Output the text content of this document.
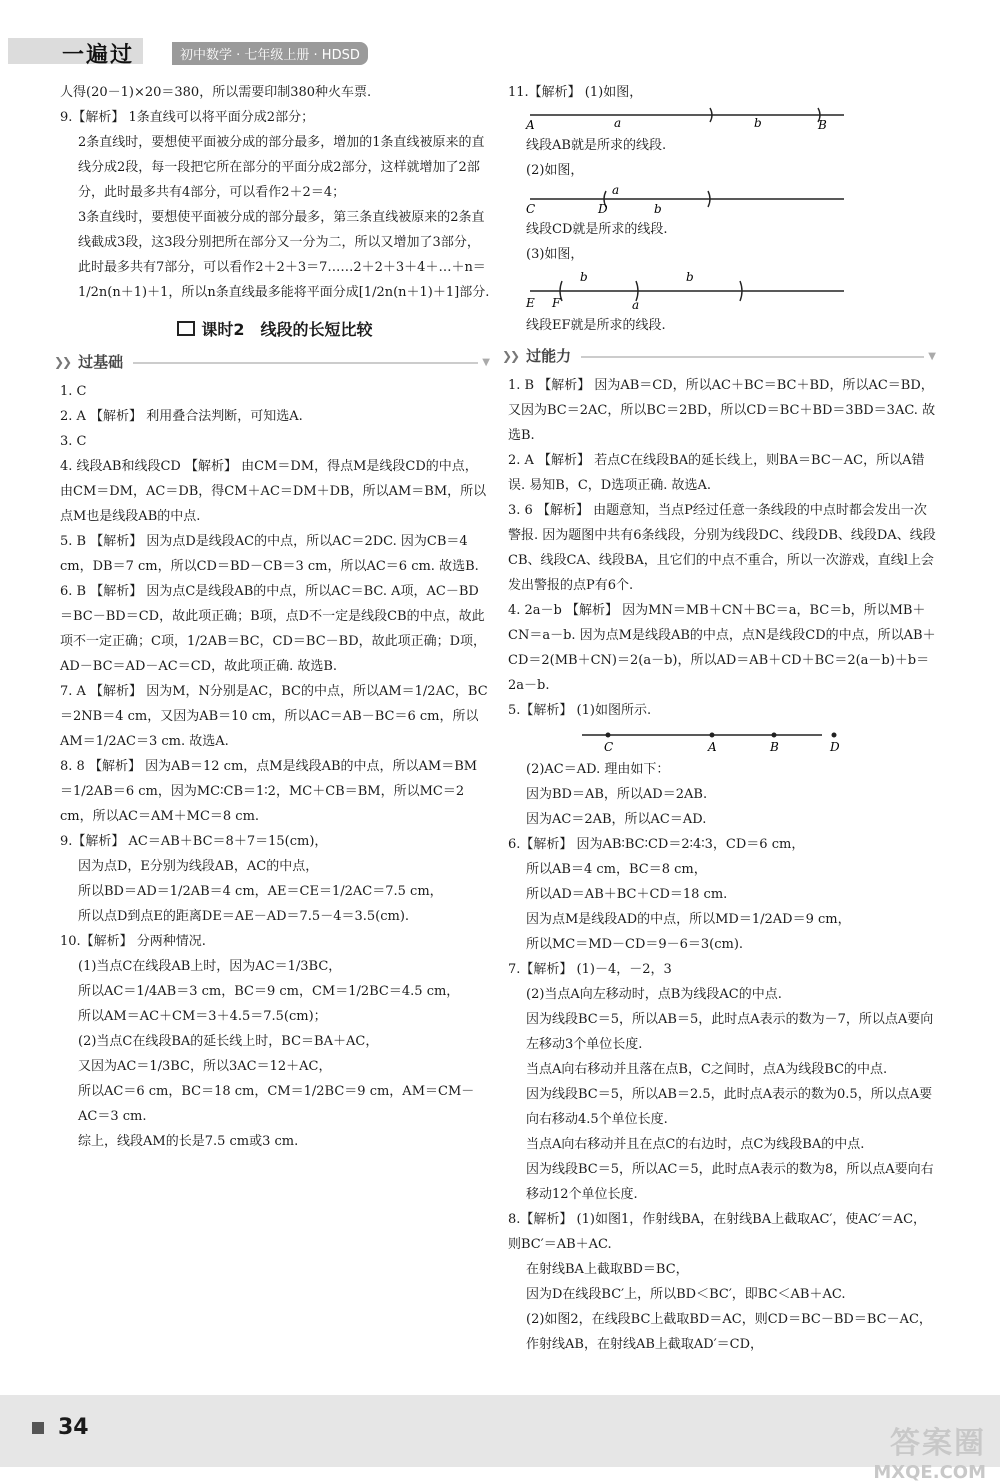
一遍过	初中数学 · 七年级上册 · HDSD

人得(20－1)×20＝380，所以需要印制380种火车票.

9.【解析】 1条直线可以将平面分成2部分；

2条直线时，要想使平面被分成的部分最多，增加的1条直线被原来的直线分成2段，每一段把它所在部分的平面分成2部分，这样就增加了2部分，此时最多共有4部分，可以看作2＋2＝4；

3条直线时，要想使平面被分成的部分最多，第三条直线被原来的2条直线截成3段，这3段分别把所在部分又一分为二，所以又增加了3部分，此时最多共有7部分，可以看作2＋2＋3＝7……2＋2＋3＋4＋…＋n＝1/2n(n＋1)＋1，所以n条直线最多能将平面分成[1/2n(n＋1)＋1]部分.

课时2　线段的长短比较
❯❯ 过基础	▼

1. C

2. A 【解析】 利用叠合法判断，可知选A.

3. C

4. 线段AB和线段CD 【解析】 由CM＝DM，得点M是线段CD的中点，由CM＝DM，AC＝DB，得CM＋AC＝DM＋DB，所以AM＝BM，所以点M也是线段AB的中点.

5. B 【解析】 因为点D是线段AC的中点，所以AC＝2DC. 因为CB＝4 cm，DB＝7 cm，所以CD＝BD－CB＝3 cm，所以AC＝6 cm. 故选B.

6. B 【解析】 因为点C是线段AB的中点，所以AC＝BC. A项，AC－BD＝BC－BD＝CD，故此项正确；B项，点D不一定是线段CB的中点，故此项不一定正确；C项，1/2AB＝BC，CD＝BC－BD，故此项正确；D项，AD－BC＝AD－AC＝CD，故此项正确. 故选B.

7. A 【解析】 因为M，N分别是AC，BC的中点，所以AM＝1/2AC，BC＝2NB＝4 cm，又因为AB＝10 cm，所以AC＝AB－BC＝6 cm，所以AM＝1/2AC＝3 cm. 故选A.

8. 8 【解析】 因为AB＝12 cm，点M是线段AB的中点，所以AM＝BM＝1/2AB＝6 cm，因为MC∶CB＝1∶2，MC＋CB＝BM，所以MC＝2 cm，所以AC＝AM＋MC＝8 cm.

9.【解析】 AC＝AB＋BC＝8＋7＝15(cm)，

因为点D，E分别为线段AB，AC的中点，

所以BD＝AD＝1/2AB＝4 cm，AE＝CE＝1/2AC＝7.5 cm，

所以点D到点E的距离DE＝AE－AD＝7.5－4＝3.5(cm).

10.【解析】 分两种情况.

(1)当点C在线段AB上时，因为AC＝1/3BC，

所以AC＝1/4AB＝3 cm，BC＝9 cm，CM＝1/2BC＝4.5 cm，

所以AM＝AC＋CM＝3＋4.5＝7.5(cm)；

(2)当点C在线段BA的延长线上时，BC＝BA＋AC，

又因为AC＝1/3BC，所以3AC＝12＋AC，

所以AC＝6 cm，BC＝18 cm，CM＝1/2BC＝9 cm，AM＝CM－AC＝3 cm.

综上，线段AM的长是7.5 cm或3 cm.

11.【解析】 (1)如图，

A	a	b	B

线段AB就是所求的线段.

(2)如图，

C	D
a
b

线段CD就是所求的线段.

(3)如图，

E F
b	b
a

线段EF就是所求的线段.

❯❯ 过能力	▼

1. B 【解析】 因为AB＝CD，所以AC＋BC＝BC＋BD，所以AC＝BD，又因为BC＝2AC，所以BC＝2BD，所以CD＝BC＋BD＝3BD＝3AC. 故选B.

2. A 【解析】 若点C在线段BA的延长线上，则BA＝BC－AC，所以A错误. 易知B，C，D选项正确. 故选A.

3. 6 【解析】 由题意知，当点P经过任意一条线段的中点时都会发出一次警报. 因为题图中共有6条线段，分别为线段DC、线段DB、线段DA、线段CB、线段CA、线段BA，且它们的中点不重合，所以一次游戏，直线l上会发出警报的点P有6个.

4. 2a－b 【解析】 因为MN＝MB＋CN＋BC＝a，BC＝b，所以MB＋CN＝a－b. 因为点M是线段AB的中点，点N是线段CD的中点，所以AB＋CD＝2(MB＋CN)＝2(a－b)，所以AD＝AB＋CD＋BC＝2(a－b)＋b＝2a－b.

5.【解析】 (1)如图所示.

C	A	B	D

(2)AC＝AD. 理由如下：

因为BD＝AB，所以AD＝2AB.

因为AC＝2AB，所以AC＝AD.

6.【解析】 因为AB∶BC∶CD＝2∶4∶3，CD＝6 cm，

所以AB＝4 cm，BC＝8 cm，

所以AD＝AB＋BC＋CD＝18 cm.

因为点M是线段AD的中点，所以MD＝1/2AD＝9 cm，

所以MC＝MD－CD＝9－6＝3(cm).

7.【解析】 (1)－4，－2，3

(2)当点A向左移动时，点B为线段AC的中点.

因为线段BC＝5，所以AB＝5，此时点A表示的数为－7，所以点A要向左移动3个单位长度.

当点A向右移动并且落在点B，C之间时，点A为线段BC的中点.

因为线段BC＝5，所以AB＝2.5，此时点A表示的数为0.5，所以点A要向右移动4.5个单位长度.

当点A向右移动并且在点C的右边时，点C为线段BA的中点.

因为线段BC＝5，所以AC＝5，此时点A表示的数为8，所以点A要向右移动12个单位长度.

8.【解析】 (1)如图1，作射线BA，在射线BA上截取AC′，使AC′＝AC，则BC′＝AB＋AC.

在射线BA上截取BD＝BC，

因为D在线段BC′上，所以BD＜BC′，即BC＜AB＋AC.

(2)如图2，在线段BC上截取BD＝AC，则CD＝BC－BD＝BC－AC，

作射线AB，在射线AB上截取AD′＝CD，

34	答案圈
MXQE.COM
